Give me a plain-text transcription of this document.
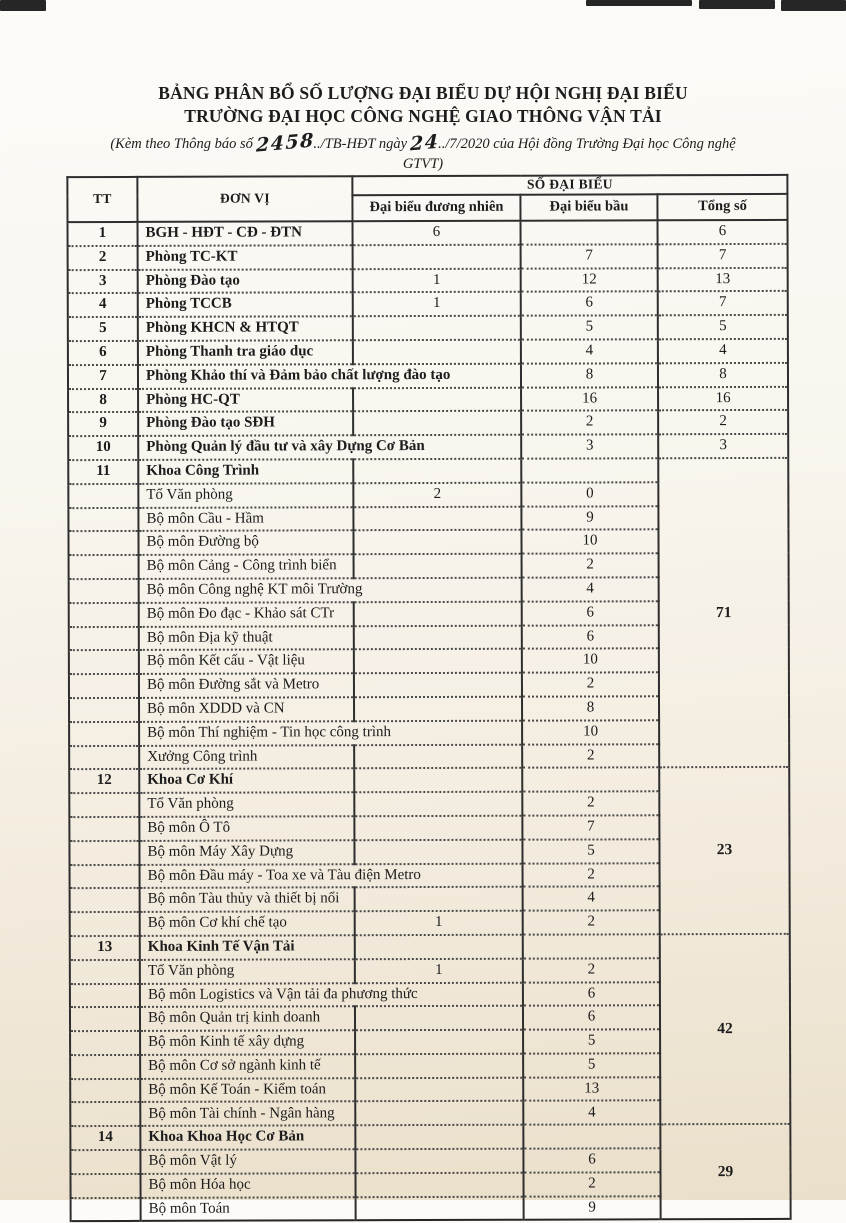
BẢNG PHÂN BỔ SỐ LƯỢNG ĐẠI BIỂU DỰ HỘI NGHỊ ĐẠI BIỂU
TRƯỜNG ĐẠI HỌC CÔNG NGHỆ GIAO THÔNG VẬN TẢI
(Kèm theo Thông báo số 2458../TB-HĐT ngày 24../7/2020 của Hội đồng Trường Đại học Công nghệ
GTVT)
TT	ĐƠN VỊ	SỐ ĐẠI BIỂU		
		Đại biểu đương nhiên	Đại biểu bầu	Tổng số
1	BGH - HĐT - CĐ - ĐTN	6		6
2	Phòng TC-KT		7	7
3	Phòng Đào tạo	1	12	13
4	Phòng TCCB	1	6	7
5	Phòng KHCN & HTQT		5	5
6	Phòng Thanh tra giáo dục		4	4
7	Phòng Khảo thí và Đảm bảo chất lượng đào tạo		8	8
8	Phòng HC-QT		16	16
9	Phòng Đào tạo SĐH		2	2
10	Phòng Quản lý đầu tư và xây Dựng Cơ Bản		3	3
11	Khoa Công Trình			71
	Tổ Văn phòng	2	0	
	Bộ môn Cầu - Hầm		9	
	Bộ môn Đường bộ		10	
	Bộ môn Cảng - Công trình biển		2	
	Bộ môn Công nghệ KT môi Trường		4	
	Bộ môn Đo đạc - Khảo sát CTr		6	
	Bộ môn Địa kỹ thuật		6	
	Bộ môn Kết cấu - Vật liệu		10	
	Bộ môn Đường sắt và Metro		2	
	Bộ môn XDDD và CN		8	
	Bộ môn Thí nghiệm - Tin học công trình		10	
	Xưởng Công trình		2	
12	Khoa Cơ Khí			23
	Tổ Văn phòng		2	
	Bộ môn Ô Tô		7	
	Bộ môn Máy Xây Dựng		5	
	Bộ môn Đầu máy - Toa xe và Tàu điện Metro		2	
	Bộ môn Tàu thủy và thiết bị nổi		4	
	Bộ môn Cơ khí chế tạo	1	2	
13	Khoa Kinh Tế Vận Tải			42
	Tổ Văn phòng	1	2	
	Bộ môn Logistics và Vận tải đa phương thức		6	
	Bộ môn Quản trị kinh doanh		6	
	Bộ môn Kinh tế xây dựng		5	
	Bộ môn Cơ sở ngành kinh tế		5	
	Bộ môn Kế Toán - Kiểm toán		13	
	Bộ môn Tài chính - Ngân hàng		4	
14	Khoa Khoa Học Cơ Bản			29
	Bộ môn Vật lý		6	
	Bộ môn Hóa học		2	
	Bộ môn Toán		9	
